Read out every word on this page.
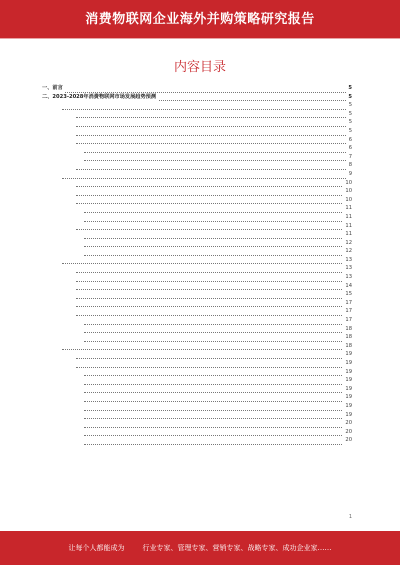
消费物联网企业海外并购策略研究报告
内容目录
一、前言	5
二、2023-2028年消费物联网市场发展趋势预测	5
5
5
5
5
6
6
7
8
9
10
10
10
11
11
11
11
12
12
13
13
13
14
15
17
17
17
18
18
18
19
19
19
19
19
19
19
19
20
20
20
1
让每个人都能成为	行业专家、管理专家、营销专家、战略专家、成功企业家……
